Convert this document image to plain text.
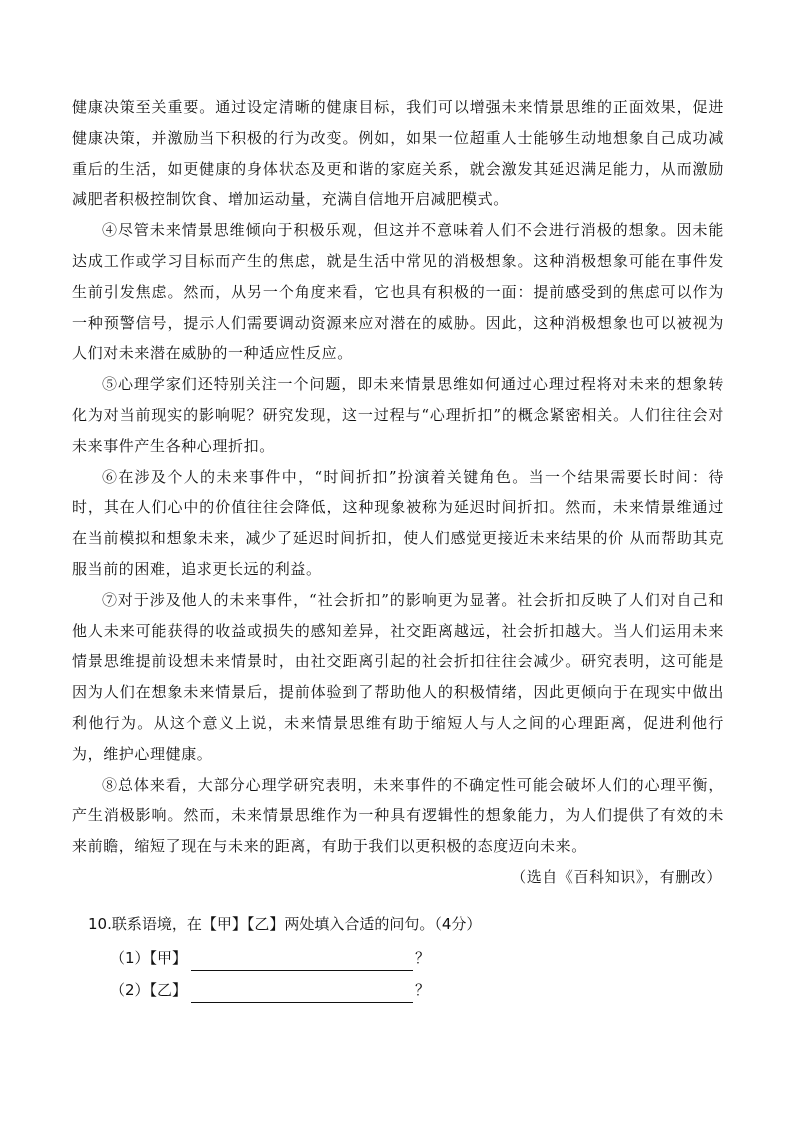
健康决策至关重要。通过设定清晰的健康目标，我们可以增强未来情景思维的正面效果，促进健康决策，并激励当下积极的行为改变。例如，如果一位超重人士能够生动地想象自己成功减重后的生活，如更健康的身体状态及更和谐的家庭关系，就会激发其延迟满足能力，从而激励减肥者积极控制饮食、增加运动量，充满自信地开启减肥模式。

④尽管未来情景思维倾向于积极乐观，但这并不意味着人们不会进行消极的想象。因未能达成工作或学习目标而产生的焦虑，就是生活中常见的消极想象。这种消极想象可能在事件发生前引发焦虑。然而，从另一个角度来看，它也具有积极的一面：提前感受到的焦虑可以作为一种预警信号，提示人们需要调动资源来应对潜在的威胁。因此，这种消极想象也可以被视为人们对未来潜在威胁的一种适应性反应。

⑤心理学家们还特别关注一个问题，即未来情景思维如何通过心理过程将对未来的想象转化为对当前现实的影响呢？研究发现，这一过程与“心理折扣”的概念紧密相关。人们往往会对未来事件产生各种心理折扣。

⑥在涉及个人的未来事件中，“时间折扣”扮演着关键角色。当一个结果需要长时间：待时，其在人们心中的价值往往会降低，这种现象被称为延迟时间折扣。然而，未来情景维通过在当前模拟和想象未来，减少了延迟时间折扣，使人们感觉更接近未来结果的价 从而帮助其克服当前的困难，追求更长远的利益。

⑦对于涉及他人的未来事件，“社会折扣”的影响更为显著。社会折扣反映了人们对自己和他人未来可能获得的收益或损失的感知差异，社交距离越远，社会折扣越大。当人们运用未来情景思维提前设想未来情景时，由社交距离引起的社会折扣往往会减少。研究表明，这可能是因为人们在想象未来情景后，提前体验到了帮助他人的积极情绪，因此更倾向于在现实中做出利他行为。从这个意义上说，未来情景思维有助于缩短人与人之间的心理距离，促进利他行为，维护心理健康。

⑧总体来看，大部分心理学研究表明，未来事件的不确定性可能会破坏人们的心理平衡，产生消极影响。然而，未来情景思维作为一种具有逻辑性的想象能力，为人们提供了有效的未来前瞻，缩短了现在与未来的距离，有助于我们以更积极的态度迈向未来。

（选自《百科知识》，有删改）

10.联系语境，在【甲】【乙】两处填入合适的问句。（4分）

（1）【甲】	？
（2）【乙】	？
